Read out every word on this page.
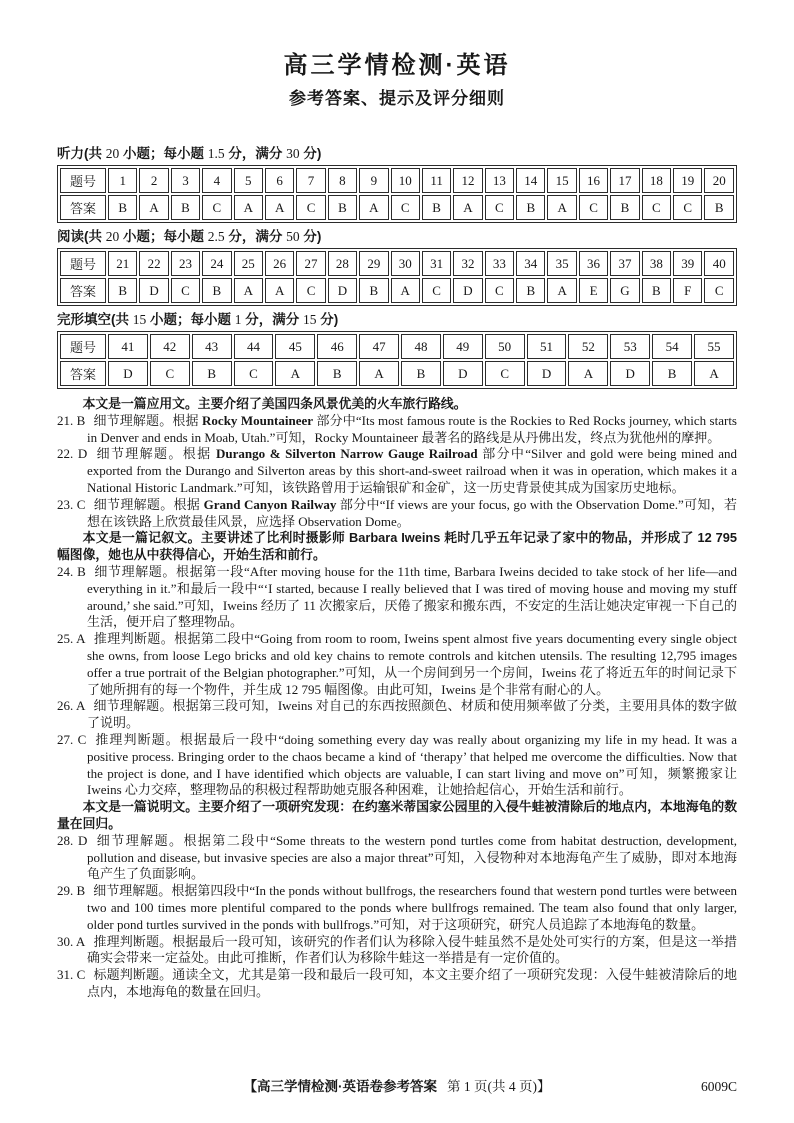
高三学情检测·英语
参考答案、提示及评分细则
听力(共 20 小题；每小题 1.5 分，满分 30 分)
题号	1	2	3	4	5	6	7	8	9	10	11	12	13	14	15	16	17	18	19	20
答案	B	A	B	C	A	A	C	B	A	C	B	A	C	B	A	C	B	C	C	B
阅读(共 20 小题；每小题 2.5 分，满分 50 分)
题号	21	22	23	24	25	26	27	28	29	30	31	32	33	34	35	36	37	38	39	40
答案	B	D	C	B	A	A	C	D	B	A	C	D	C	B	A	E	G	B	F	C
完形填空(共 15 小题；每小题 1 分，满分 15 分)
题号	41	42	43	44	45	46	47	48	49	50	51	52	53	54	55
答案	D	C	B	C	A	B	A	B	D	C	D	A	D	B	A

本文是一篇应用文。主要介绍了美国四条风景优美的火车旅行路线。

21. B 细节理解题。根据 Rocky Mountaineer 部分中“Its most famous route is the Rockies to Red Rocks journey, which starts in Denver and ends in Moab, Utah.”可知，Rocky Mountaineer 最著名的路线是从丹佛出发，终点为犹他州的摩押。

22. D 细节理解题。根据 Durango & Silverton Narrow Gauge Railroad 部分中“Silver and gold were being mined and exported from the Durango and Silverton areas by this short-and-sweet railroad when it was in operation, which makes it a National Historic Landmark.”可知，该铁路曾用于运输银矿和金矿，这一历史背景使其成为国家历史地标。

23. C 细节理解题。根据 Grand Canyon Railway 部分中“If views are your focus, go with the Observation Dome.”可知，若想在该铁路上欣赏最佳风景，应选择 Observation Dome。

本文是一篇记叙文。主要讲述了比利时摄影师 Barbara Iweins 耗时几乎五年记录了家中的物品，并形成了 12 795 幅图像，她也从中获得信心，开始生活和前行。

24. B 细节理解题。根据第一段“After moving house for the 11th time, Barbara Iweins decided to take stock of her life—and everything in it.”和最后一段中“‘I started, because I really believed that I was tired of moving house and moving my stuff around,’ she said.”可知，Iweins 经历了 11 次搬家后，厌倦了搬家和搬东西，不安定的生活让她决定审视一下自己的生活，便开启了整理物品。

25. A 推理判断题。根据第二段中“Going from room to room, Iweins spent almost five years documenting every single object she owns, from loose Lego bricks and old key chains to remote controls and kitchen utensils. The resulting 12,795 images offer a true portrait of the Belgian photographer.”可知，从一个房间到另一个房间，Iweins 花了将近五年的时间记录下了她所拥有的每一个物件，并生成 12 795 幅图像。由此可知，Iweins 是个非常有耐心的人。

26. A 细节理解题。根据第三段可知，Iweins 对自己的东西按照颜色、材质和使用频率做了分类，主要用具体的数字做了说明。

27. C 推理判断题。根据最后一段中“doing something every day was really about organizing my life in my head. It was a positive process. Bringing order to the chaos became a kind of ‘therapy’ that helped me overcome the difficulties. Now that the project is done, and I have identified which objects are valuable, I can start living and move on”可知，频繁搬家让 Iweins 心力交瘁，整理物品的积极过程帮助她克服各种困难，让她拾起信心，开始生活和前行。

本文是一篇说明文。主要介绍了一项研究发现：在约塞米蒂国家公园里的入侵牛蛙被清除后的地点内，本地海龟的数量在回归。

28. D 细节理解题。根据第二段中“Some threats to the western pond turtles come from habitat destruction, development, pollution and disease, but invasive species are also a major threat”可知，入侵物种对本地海龟产生了威胁，即对本地海龟产生了负面影响。

29. B 细节理解题。根据第四段中“In the ponds without bullfrogs, the researchers found that western pond turtles were between two and 100 times more plentiful compared to the ponds where bullfrogs remained. The team also found that only larger, older pond turtles survived in the ponds with bullfrogs.”可知，对于这项研究，研究人员追踪了本地海龟的数量。

30. A 推理判断题。根据最后一段可知，该研究的作者们认为移除入侵牛蛙虽然不是处处可实行的方案，但是这一举措确实会带来一定益处。由此可推断，作者们认为移除牛蛙这一举措是有一定价值的。

31. C 标题判断题。通读全文，尤其是第一段和最后一段可知，本文主要介绍了一项研究发现：入侵牛蛙被清除后的地点内，本地海龟的数量在回归。

【高三学情检测·英语卷参考答案 第 1 页(共 4 页)】	6009C
